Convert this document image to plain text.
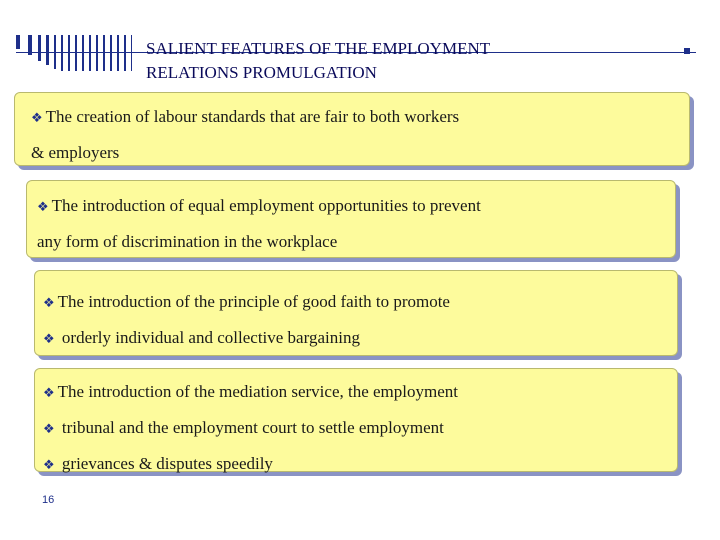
SALIENT FEATURES OF THE EMPLOYMENT
RELATIONS PROMULGATION

❖ The creation of labour standards that are fair to both workers

& employers

❖ The introduction of equal employment opportunities to prevent

any form of discrimination in the workplace

❖ The introduction of the principle of good faith to promote

❖ orderly individual and collective bargaining

❖ The introduction of the mediation service, the employment

❖ tribunal and the employment court to settle employment

❖ grievances & disputes speedily

16
